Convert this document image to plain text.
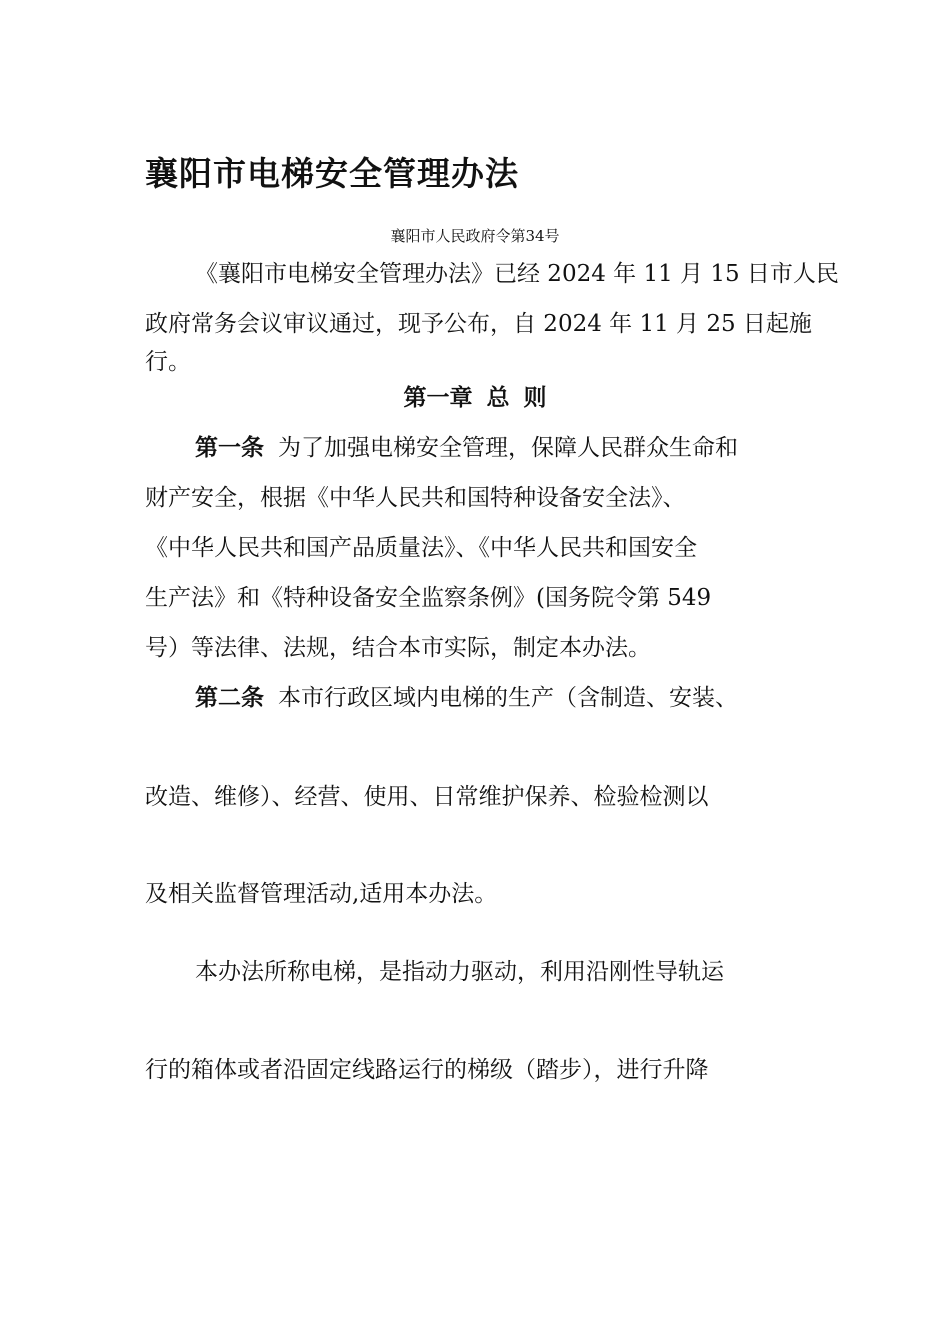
襄阳市电梯安全管理办法
襄阳市人民政府令第34号
《襄阳市电梯安全管理办法》已经 2024 年 11 月 15 日市人民
政府常务会议审议通过，现予公布，自 2024 年 11 月 25 日起施
行。
第一章 总 则
第一条 为了加强电梯安全管理，保障人民群众生命和
财产安全，根据《中华人民共和国特种设备安全法》、
《中华人民共和国产品质量法》、《中华人民共和国安全
生产法》和《特种设备安全监察条例》(国务院令第 549
号）等法律、法规，结合本市实际，制定本办法。
第二条 本市行政区域内电梯的生产（含制造、安装、
改造、维修）、经营、使用、日常维护保养、检验检测以
及相关监督管理活动,适用本办法。
本办法所称电梯，是指动力驱动，利用沿刚性导轨运
行的箱体或者沿固定线路运行的梯级（踏步），进行升降
